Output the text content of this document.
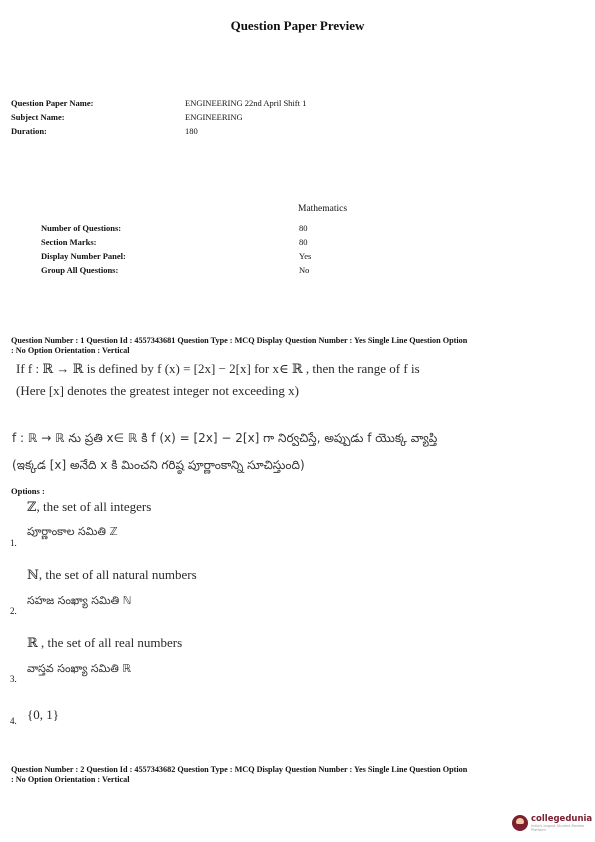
Question Paper Preview
Question Paper Name:	ENGINEERING 22nd April Shift 1
Subject Name:	ENGINEERING
Duration:	180
Mathematics
Number of Questions:	80
Section Marks:	80
Display Number Panel:	Yes
Group All Questions:	No
Question Number : 1 Question Id : 4557343681 Question Type : MCQ Display Question Number : Yes Single Line Question Option
: No Option Orientation : Vertical
If f : ℝ → ℝ is defined by f (x) = [2x] − 2[x] for x∈ ℝ , then the range of f is
(Here [x] denotes the greatest integer not exceeding x)
f : ℝ → ℝ ను ప్రతి x∈ ℝ కి f (x) = [2x] − 2[x] గా నిర్వచిస్తే, అప్పుడు f యొక్క వ్యాప్తి
(ఇక్కడ [x] అనేది x కి మించని గరిష్ఠ పూర్ణాంకాన్ని సూచిస్తుంది)
Options :
ℤ, the set of all integers
పూర్ణాంకాల సమితి ℤ
1.
ℕ, the set of all natural numbers
సహజ సంఖ్యా సమితి ℕ
2.
ℝ , the set of all real numbers
వాస్తవ సంఖ్యా సమితి ℝ
3.
{0, 1}
4.
Question Number : 2 Question Id : 4557343682 Question Type : MCQ Display Question Number : Yes Single Line Question Option
: No Option Orientation : Vertical
collegedunia
India's largest Student Review Platform
